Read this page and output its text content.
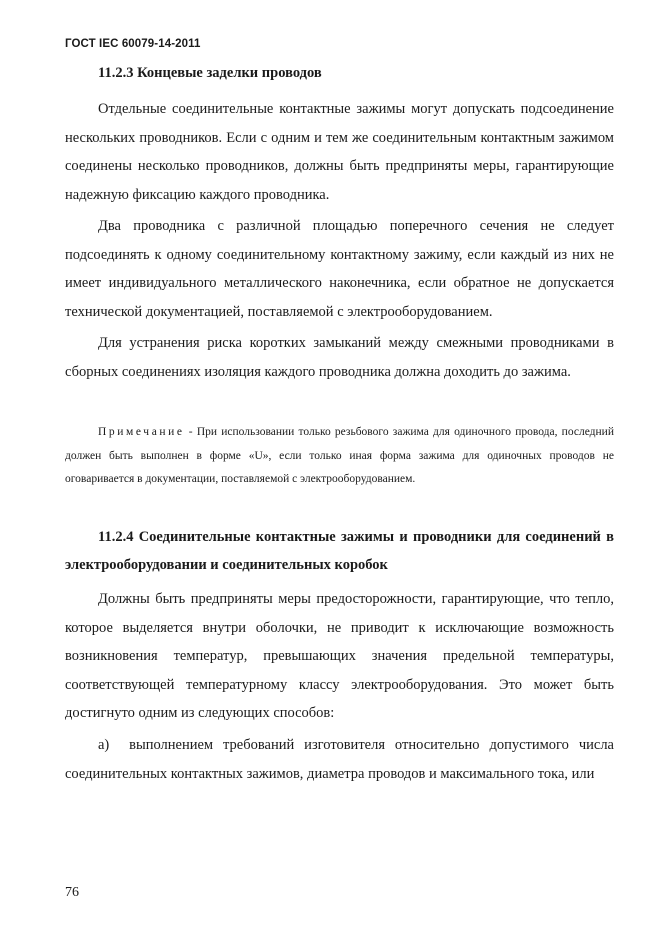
ГОСТ IEC 60079-14-2011
11.2.3 Концевые заделки проводов
Отдельные соединительные контактные зажимы могут допускать подсоединение нескольких проводников. Если с одним и тем же соединительным контактным зажимом соединены несколько проводников, должны быть предприняты меры, гарантирующие надежную фиксацию каждого проводника.
Два проводника с различной площадью поперечного сечения не следует подсоединять к одному соединительному контактному зажиму, если каждый из них не имеет индивидуального металлического наконечника, если обратное не допускается технической документацией, поставляемой с электрооборудованием.
Для устранения риска коротких замыканий между смежными проводниками в сборных соединениях изоляция каждого проводника должна доходить до зажима.
Примечание - При использовании только резьбового зажима для одиночного провода, последний должен быть выполнен в форме «U», если только иная форма зажима для одиночных проводов не оговаривается в документации, поставляемой с электрооборудованием.
11.2.4 Соединительные контактные зажимы и проводники для соединений в электрооборудовании и соединительных коробок
Должны быть предприняты меры предосторожности, гарантирующие, что тепло, которое выделяется внутри оболочки, не приводит к исключающие возможность возникновения температур, превышающих значения предельной температуры, соответствующей температурному классу электрооборудования. Это может быть достигнуто одним из следующих способов:
а) выполнением требований изготовителя относительно допустимого числа соединительных контактных зажимов, диаметра проводов и максимального тока, или
76
